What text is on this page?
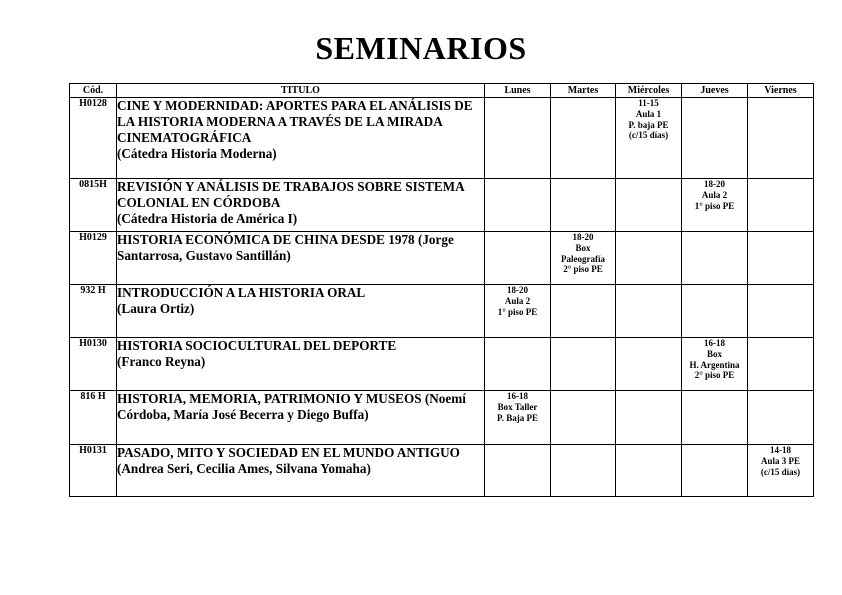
SEMINARIOS
Cód.	TITULO	Lunes	Martes	Miércoles	Jueves	Viernes
H0128	CINE Y MODERNIDAD: APORTES PARA EL ANÁLISIS DE LA HISTORIA MODERNA A TRAVÉS DE LA MIRADA CINEMATOGRÁFICA
(Cátedra Historia Moderna)			11-15
Aula 1
P. baja PE
(c/15 días)		

0815H	REVISIÓN Y ANÁLISIS DE TRABAJOS SOBRE SISTEMA COLONIAL EN CÓRDOBA
(Cátedra Historia de América I)				18-20
Aula 2
1° piso PE	

H0129	HISTORIA ECONÓMICA DE CHINA DESDE 1978 (Jorge Santarrosa, Gustavo Santillán)		18-20
Box
Paleografía
2° piso PE			

932 H	INTRODUCCIÓN A LA HISTORIA ORAL
(Laura Ortiz)	18-20
Aula 2
1° piso PE				

H0130	HISTORIA SOCIOCULTURAL DEL DEPORTE
(Franco Reyna)				16-18
Box
H. Argentina
2° piso PE	

816 H	HISTORIA, MEMORIA, PATRIMONIO Y MUSEOS (Noemí Córdoba, María José Becerra y Diego Buffa)	16-18
Box Taller
P. Baja PE				

H0131	PASADO, MITO Y SOCIEDAD EN EL MUNDO ANTIGUO
(Andrea Seri, Cecilia Ames, Silvana Yomaha)					14-18
Aula 3 PE
(c/15 días)
